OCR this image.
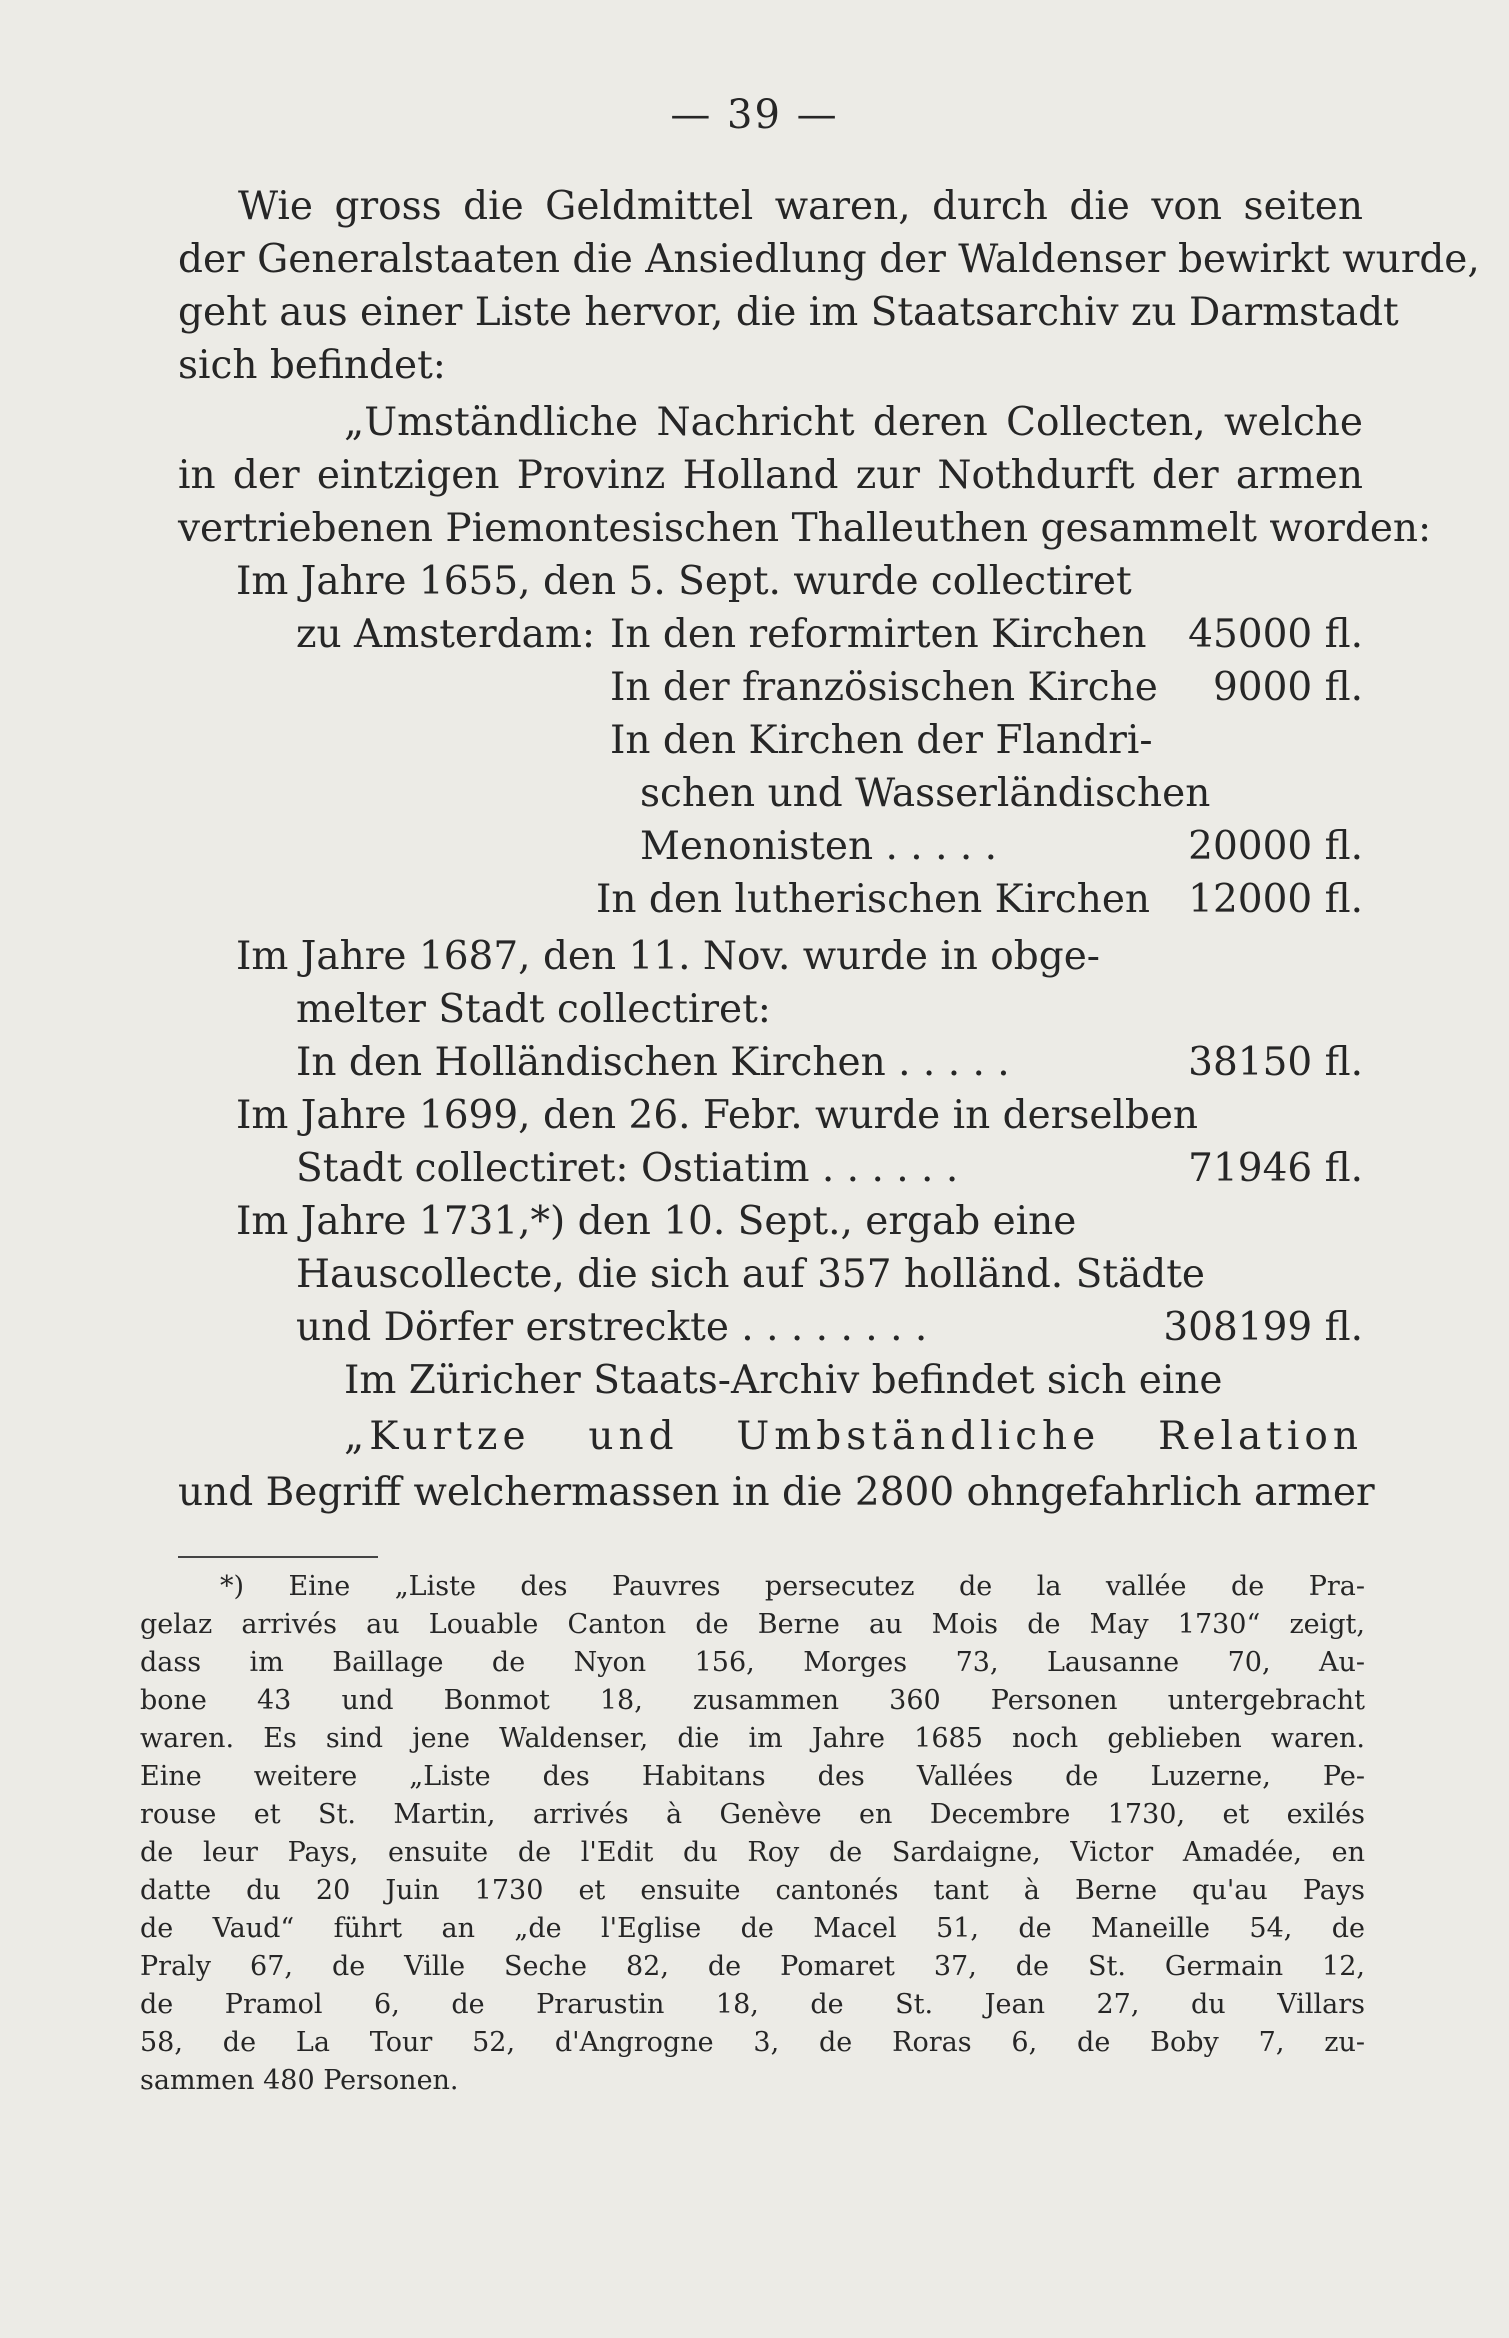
— 39 —
Wie gross die Geldmittel waren, durch die von seiten
der Generalstaaten die Ansiedlung der Waldenser bewirkt wurde,
geht aus einer Liste hervor, die im Staatsarchiv zu Darmstadt
sich befindet:
„Umständliche Nachricht deren Collecten, welche
in der eintzigen Provinz Holland zur Nothdurft der armen
vertriebenen Piemontesischen Thalleuthen gesammelt worden:
Im Jahre 1655, den 5. Sept. wurde collectiret
zu Amsterdam: In den reformirten Kirchen 45000 fl.
In der französischen Kirche 9000 fl.
In den Kirchen der Flandri-
schen und Wasserländischen
Menonisten . . . . .	20000 fl.
In den lutherischen Kirchen 12000 fl.
Im Jahre 1687, den 11. Nov. wurde in obge-
melter Stadt collectiret:
In den Holländischen Kirchen . . . . .	38150 fl.
Im Jahre 1699, den 26. Febr. wurde in derselben
Stadt collectiret: Ostiatim . . . . . .	71946 fl.
Im Jahre 1731,*) den 10. Sept., ergab eine
Hauscollecte, die sich auf 357 holländ. Städte
und Dörfer erstreckte . . . . . . . .	308199 fl.
Im Züricher Staats-Archiv befindet sich eine
„Kurtze und Umbständliche Relation
und Begriff welchermassen in die 2800 ohngefahrlich armer
*) Eine „Liste des Pauvres persecutez de la vallée de Pra-
gelaz arrivés au Louable Canton de Berne au Mois de May 1730“ zeigt,
dass im Baillage de Nyon 156, Morges 73, Lausanne 70, Au-
bone 43 und Bonmot 18, zusammen 360 Personen untergebracht
waren. Es sind jene Waldenser, die im Jahre 1685 noch geblieben waren.
Eine weitere „Liste des Habitans des Vallées de Luzerne, Pe-
rouse et St. Martin, arrivés à Genève en Decembre 1730, et exilés
de leur Pays, ensuite de l'Edit du Roy de Sardaigne, Victor Amadée, en
datte du 20 Juin 1730 et ensuite cantonés tant à Berne qu'au Pays
de Vaud“ führt an „de l'Eglise de Macel 51, de Maneille 54, de
Praly 67, de Ville Seche 82, de Pomaret 37, de St. Germain 12,
de Pramol 6, de Prarustin 18, de St. Jean 27, du Villars
58, de La Tour 52, d'Angrogne 3, de Roras 6, de Boby 7, zu-
sammen 480 Personen.
